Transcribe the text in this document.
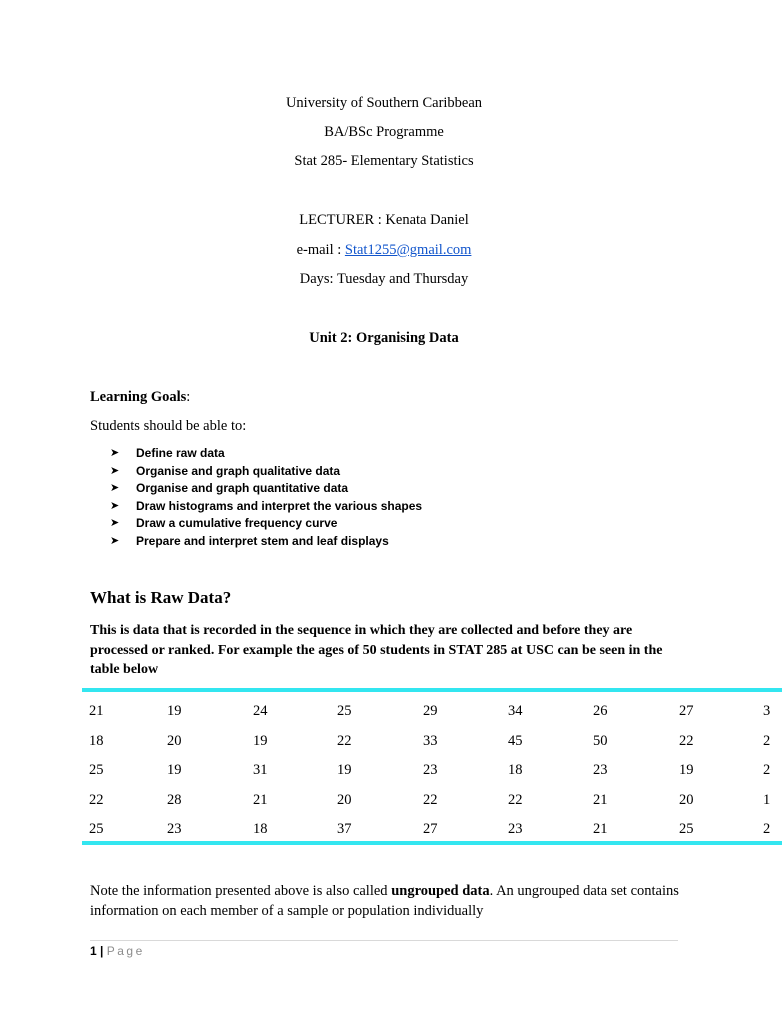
University of Southern Caribbean
BA/BSc Programme
Stat 285- Elementary Statistics
LECTURER : Kenata Daniel
e-mail : Stat1255@gmail.com
Days: Tuesday and Thursday
Unit 2: Organising Data
Learning Goals:
Students should be able to:
➤	Define raw data
➤	Organise and graph qualitative data
➤	Organise and graph quantitative data
➤	Draw histograms and interpret the various shapes
➤	Draw a cumulative frequency curve
➤	Prepare and interpret stem and leaf displays
What is Raw Data?
This is data that is recorded in the sequence in which they are collected and before they are processed or ranked. For example the ages of 50 students in STAT 285 at USC can be seen in the table below
21	19	24	25	29	34	26	27	3
18	20	19	22	33	45	50	22	2
25	19	31	19	23	18	23	19	2
22	28	21	20	22	22	21	20	1
25	23	18	37	27	23	21	25	2
Note the information presented above is also called ungrouped data. An ungrouped data set contains information on each member of a sample or population individually
1 | Page
